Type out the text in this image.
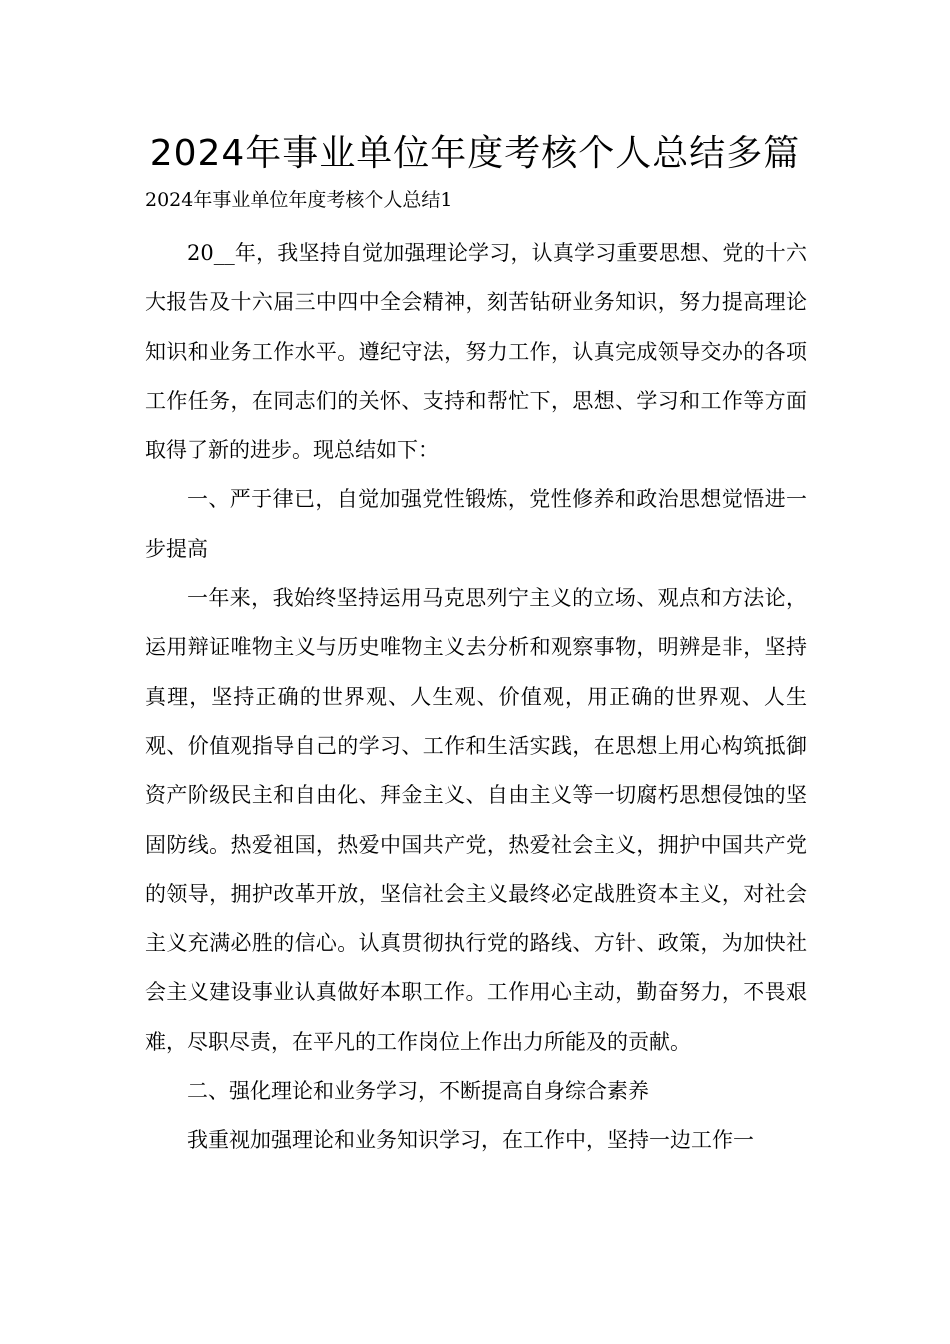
2024年事业单位年度考核个人总结多篇

2024年事业单位年度考核个人总结1

20__年，我坚持自觉加强理论学习，认真学习重要思想、党的十六大报告及十六届三中四中全会精神，刻苦钻研业务知识，努力提高理论知识和业务工作水平。遵纪守法，努力工作，认真完成领导交办的各项工作任务，在同志们的关怀、支持和帮忙下，思想、学习和工作等方面取得了新的进步。现总结如下：

一、严于律已，自觉加强党性锻炼，党性修养和政治思想觉悟进一步提高

一年来，我始终坚持运用马克思列宁主义的立场、观点和方法论，运用辩证唯物主义与历史唯物主义去分析和观察事物，明辨是非，坚持真理，坚持正确的世界观、人生观、价值观，用正确的世界观、人生观、价值观指导自己的学习、工作和生活实践，在思想上用心构筑抵御资产阶级民主和自由化、拜金主义、自由主义等一切腐朽思想侵蚀的坚固防线。热爱祖国，热爱中国共产党，热爱社会主义，拥护中国共产党的领导，拥护改革开放，坚信社会主义最终必定战胜资本主义，对社会主义充满必胜的信心。认真贯彻执行党的路线、方针、政策，为加快社会主义建设事业认真做好本职工作。工作用心主动，勤奋努力，不畏艰难，尽职尽责，在平凡的工作岗位上作出力所能及的贡献。

二、强化理论和业务学习，不断提高自身综合素养

我重视加强理论和业务知识学习，在工作中，坚持一边工作一
